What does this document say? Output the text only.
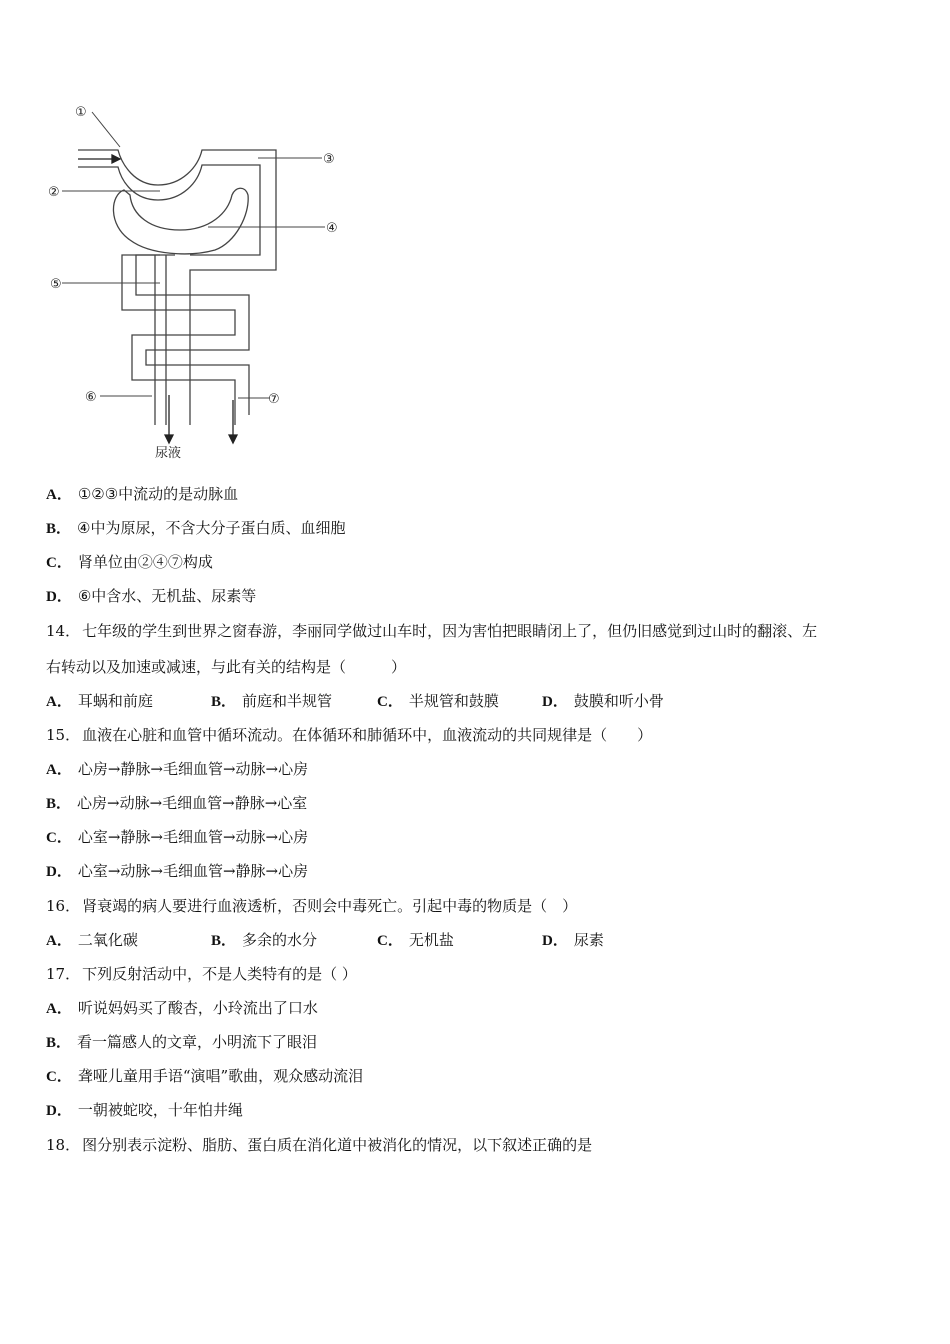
①
②
③
④
⑤
⑥	⑦
尿液
A． ①②③中流动的是动脉血
B． ④中为原尿，不含大分子蛋白质、血细胞
C． 肾单位由②④⑦构成
D． ⑥中含水、无机盐、尿素等
14． 七年级的学生到世界之窗春游，李丽同学做过山车时，因为害怕把眼睛闭上了，但仍旧感觉到过山时的翻滚、左
右转动以及加速或减速，与此有关的结构是（　　　）
A． 耳蜗和前庭	B． 前庭和半规管	C． 半规管和鼓膜	D． 鼓膜和听小骨
15． 血液在心脏和血管中循环流动。在体循环和肺循环中，血液流动的共同规律是（　　）
A． 心房→静脉→毛细血管→动脉→心房
B． 心房→动脉→毛细血管→静脉→心室
C． 心室→静脉→毛细血管→动脉→心房
D． 心室→动脉→毛细血管→静脉→心房
16． 肾衰竭的病人要进行血液透析，否则会中毒死亡。引起中毒的物质是（　）
A． 二氧化碳	B． 多余的水分	C． 无机盐	D． 尿素
17． 下列反射活动中，不是人类特有的是（ ）
A． 听说妈妈买了酸杏，小玲流出了口水
B． 看一篇感人的文章，小明流下了眼泪
C． 聋哑儿童用手语“演唱”歌曲，观众感动流泪
D． 一朝被蛇咬，十年怕井绳
18． 图分别表示淀粉、脂肪、蛋白质在消化道中被消化的情况，以下叙述正确的是
